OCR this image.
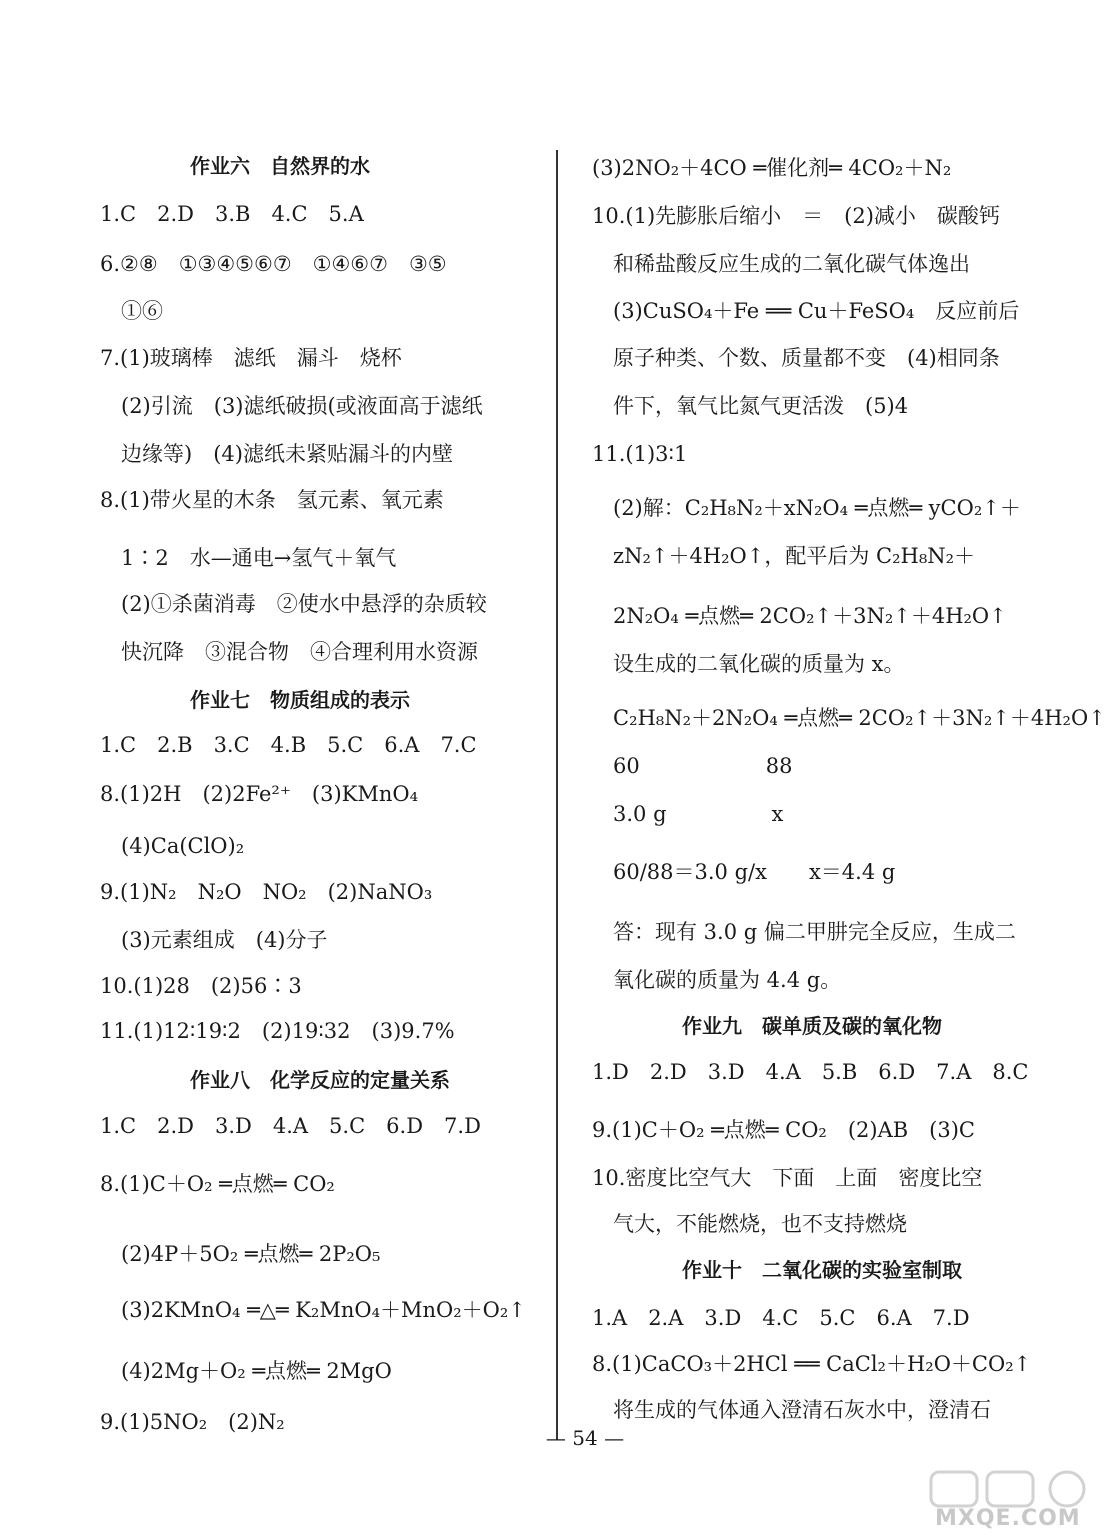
作业六　自然界的水
1.C　2.D　3.B　4.C　5.A
6.②⑧　①③④⑤⑥⑦　①④⑥⑦　③⑤
　①⑥
7.(1)玻璃棒　滤纸　漏斗　烧杯
　(2)引流　(3)滤纸破损(或液面高于滤纸
　边缘等)　(4)滤纸未紧贴漏斗的内壁
8.(1)带火星的木条　氢元素、氧元素
　1∶2　水—通电→氢气＋氧气
　(2)①杀菌消毒　②使水中悬浮的杂质较
　快沉降　③混合物　④合理利用水资源
作业七　物质组成的表示
1.C　2.B　3.C　4.B　5.C　6.A　7.C
8.(1)2H　(2)2Fe²⁺　(3)KMnO₄
　(4)Ca(ClO)₂
9.(1)N₂　N₂O　NO₂　(2)NaNO₃
　(3)元素组成　(4)分子
10.(1)28　(2)56∶3
11.(1)12∶19∶2　(2)19∶32　(3)9.7%
作业八　化学反应的定量关系
1.C　2.D　3.D　4.A　5.C　6.D　7.D
8.(1)C＋O₂ ═点燃═ CO₂
　(2)4P＋5O₂ ═点燃═ 2P₂O₅
　(3)2KMnO₄ ═△═ K₂MnO₄＋MnO₂＋O₂↑
　(4)2Mg＋O₂ ═点燃═ 2MgO
9.(1)5NO₂　(2)N₂
(3)2NO₂＋4CO ═催化剂═ 4CO₂＋N₂
10.(1)先膨胀后缩小　＝　(2)减小　碳酸钙
　和稀盐酸反应生成的二氧化碳气体逸出
　(3)CuSO₄＋Fe ══ Cu＋FeSO₄　反应前后
　原子种类、个数、质量都不变　(4)相同条
　件下，氧气比氮气更活泼　(5)4
11.(1)3∶1
　(2)解：C₂H₈N₂＋xN₂O₄ ═点燃═ yCO₂↑＋
　zN₂↑＋4H₂O↑，配平后为 C₂H₈N₂＋
　2N₂O₄ ═点燃═ 2CO₂↑＋3N₂↑＋4H₂O↑
　设生成的二氧化碳的质量为 x。
　C₂H₈N₂＋2N₂O₄ ═点燃═ 2CO₂↑＋3N₂↑＋4H₂O↑
　60　　　　　　88
　3.0 g　　　　　x
　60/88＝3.0 g/x　　x＝4.4 g
　答：现有 3.0 g 偏二甲肼完全反应，生成二
　氧化碳的质量为 4.4 g。
作业九　碳单质及碳的氧化物
1.D　2.D　3.D　4.A　5.B　6.D　7.A　8.C
9.(1)C＋O₂ ═点燃═ CO₂　(2)AB　(3)C
10.密度比空气大　下面　上面　密度比空
　气大，不能燃烧，也不支持燃烧
作业十　二氧化碳的实验室制取
1.A　2.A　3.D　4.C　5.C　6.A　7.D
8.(1)CaCO₃＋2HCl ══ CaCl₂＋H₂O＋CO₂↑
　将生成的气体通入澄清石灰水中，澄清石
— 54 —
MXQE.COM
